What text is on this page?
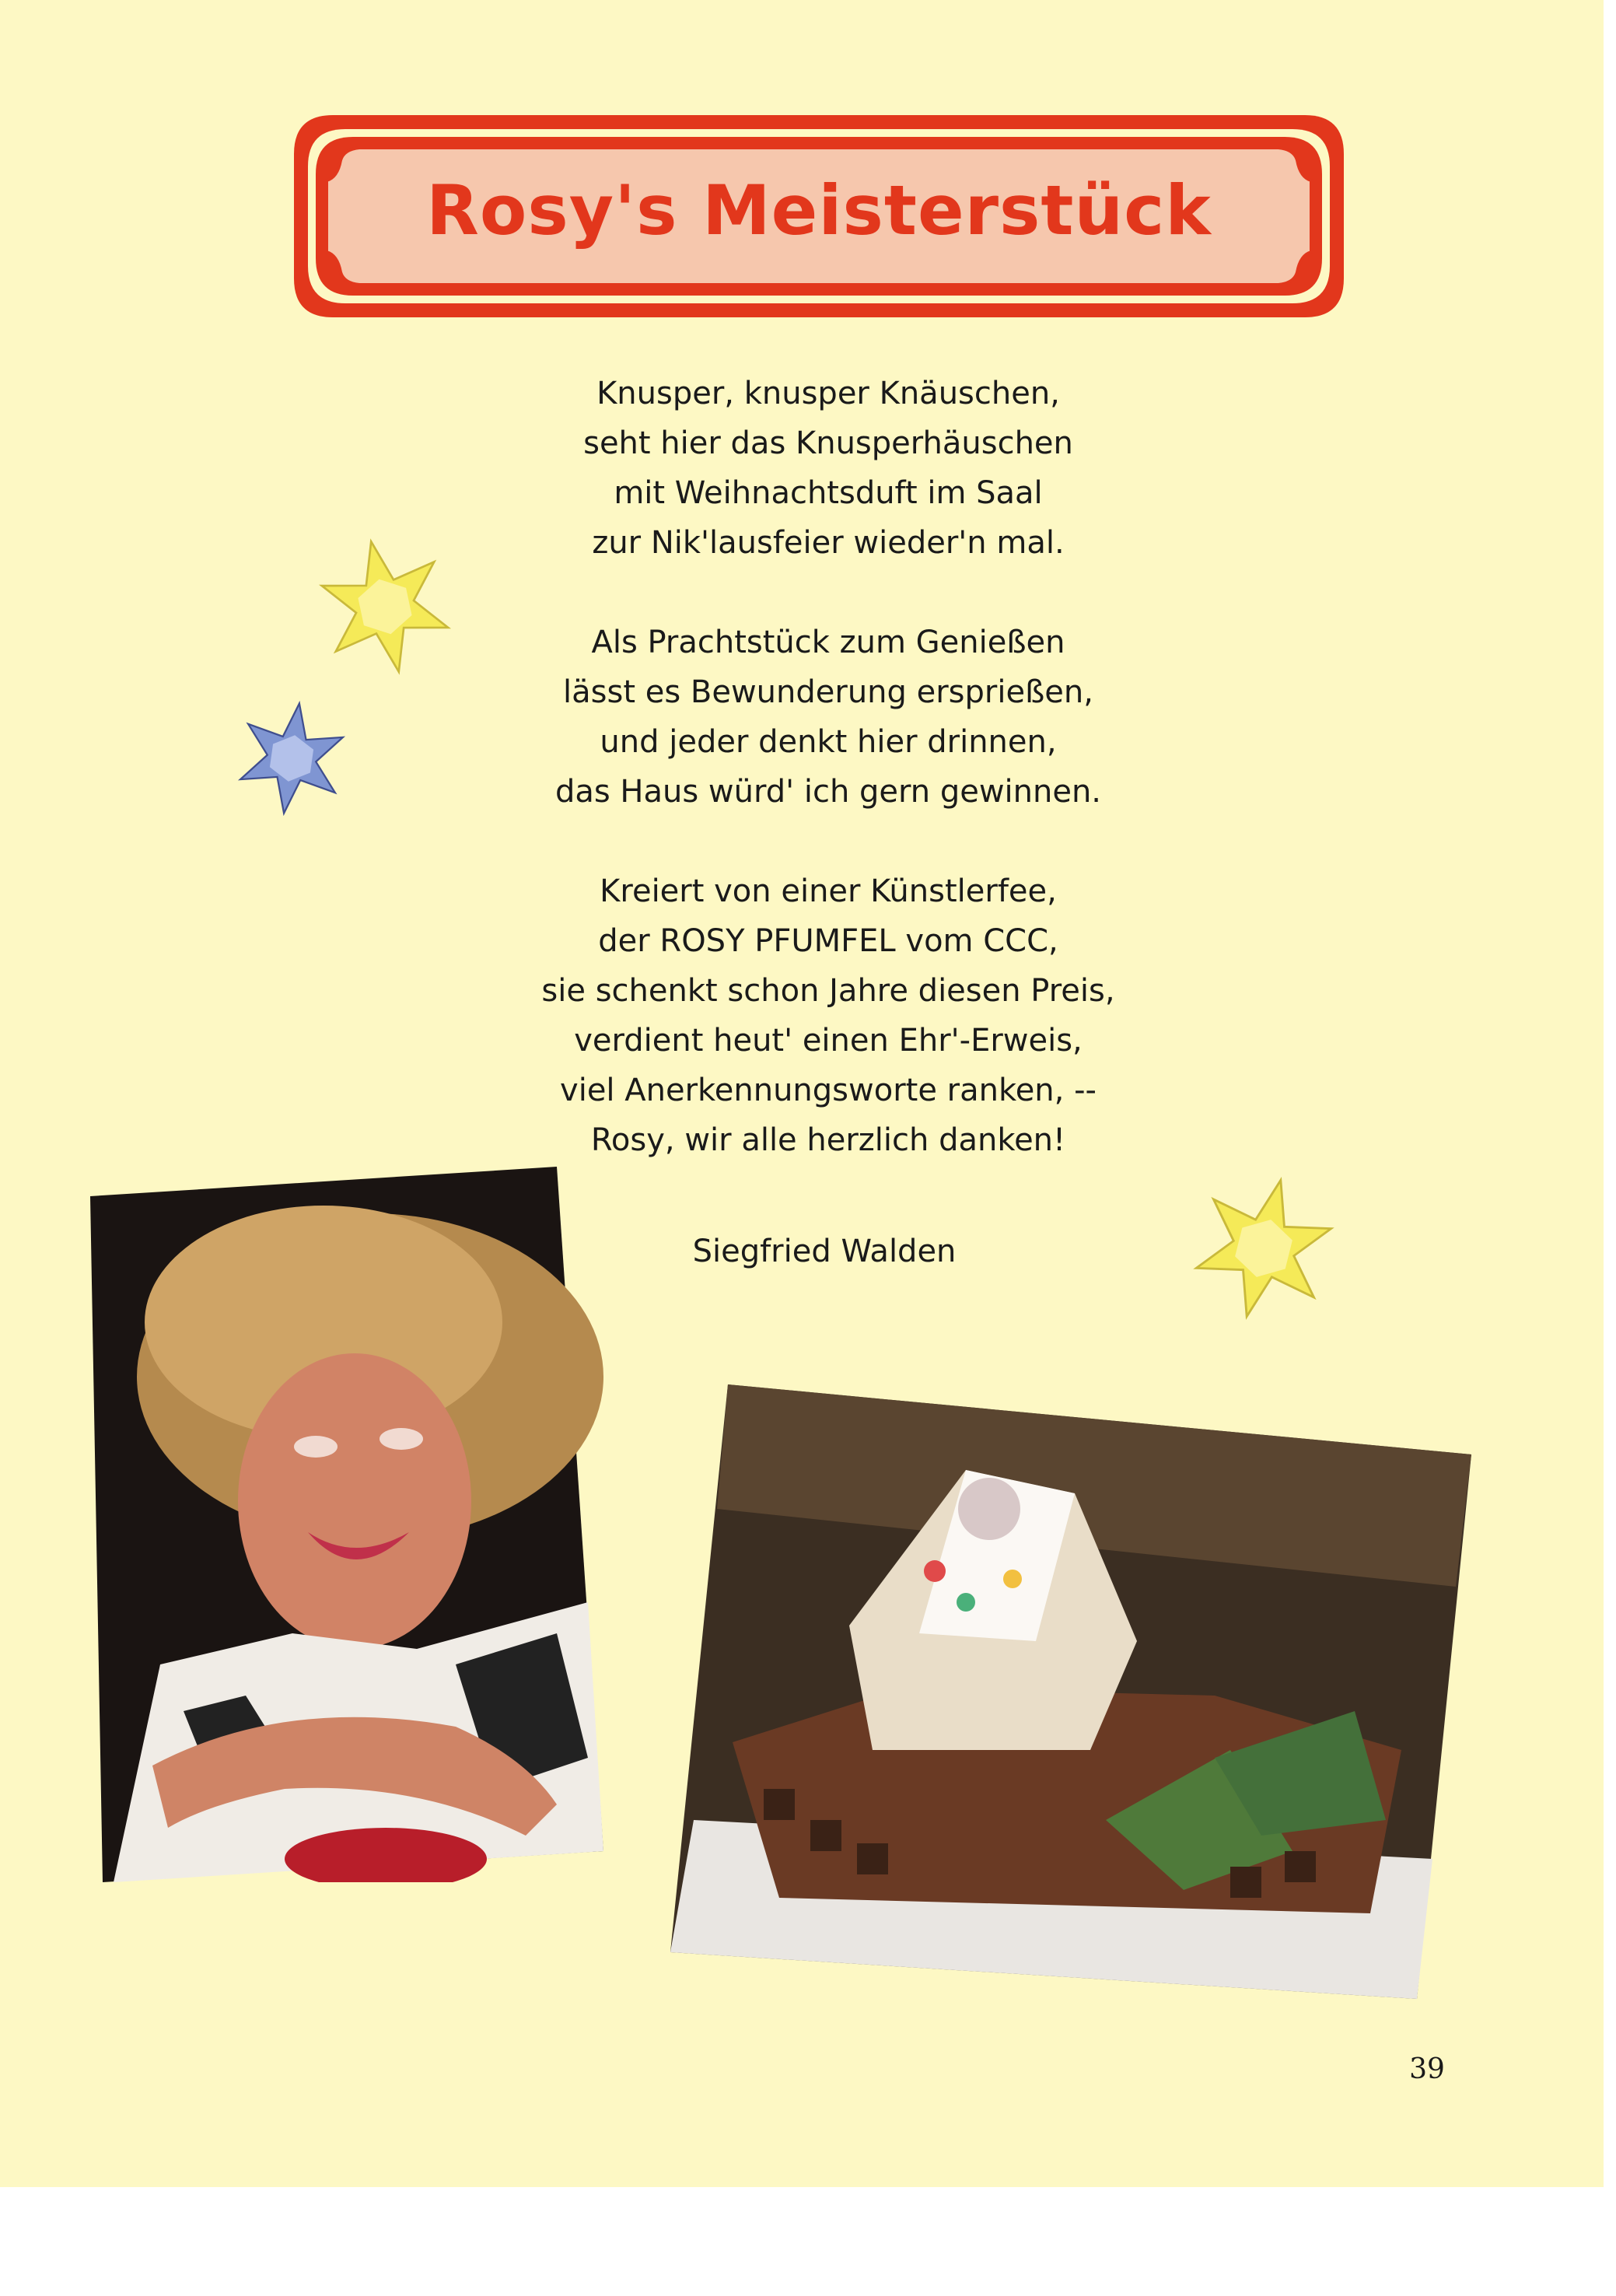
Rosy's Meisterstück
Knusper, knusper Knäuschen,
seht hier das Knusperhäuschen
mit Weihnachtsduft im Saal
zur Nik'lausfeier wieder'n mal.
Als Prachtstück zum Genießen
lässt es Bewunderung ersprießen,
und jeder denkt hier drinnen,
das Haus würd' ich gern gewinnen.
Kreiert von einer Künstlerfee,
der ROSY PFUMFEL vom CCC,
sie schenkt schon Jahre diesen Preis,
verdient heut' einen Ehr'-Erweis,
viel Anerkennungsworte ranken, --
Rosy, wir alle herzlich danken!
Siegfried Walden
39
